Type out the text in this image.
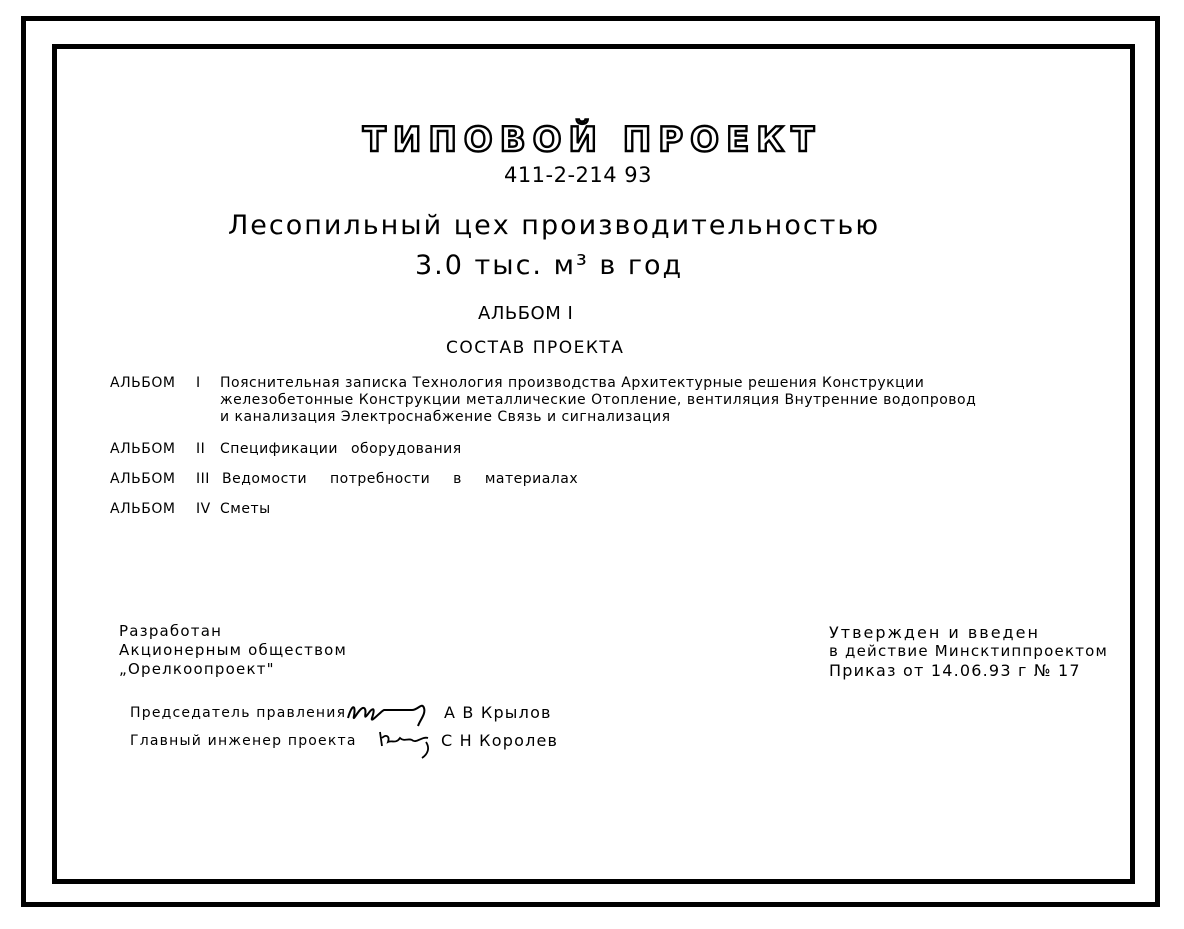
ТИПОВОЙ ПРОЕКТ
411-2-214 93
Лесопильный цех производительностью
3.0 тыс. м³ в год
АЛЬБОМ I
СОСТАВ ПРОЕКТА
АЛЬБОМ I Пояснительная записка Технология производства Архитектурные решения Конструкции
железобетонные Конструкции металлические Отопление, вентиляция Внутренние водопровод
и канализация Электроснабжение Связь и сигнализация
АЛЬБОМ II Спецификации оборудования
АЛЬБОМ III Ведомости потребности в материалах
АЛЬБОМ IV Сметы
Разработан
Акционерным обществом
„Орелкоопроект"
Утвержден и введен
в действие Минсктиппроектом
Приказ от 14.06.93 г № 17
Председатель правления	А В Крылов
Главный инженер проекта	С Н Королев
